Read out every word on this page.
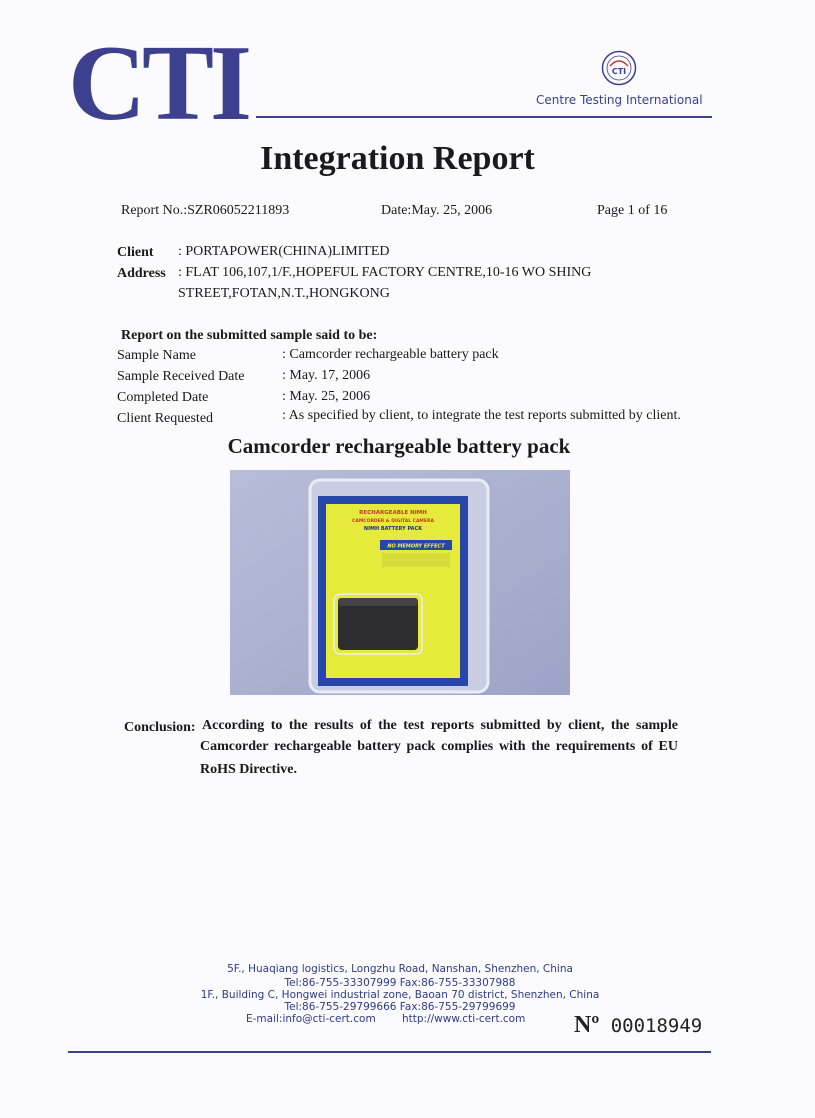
CTI	CTI
Centre Testing International
Integration Report
Report No.:SZR06052211893	Date:May. 25, 2006	Page 1 of 16
Client : PORTAPOWER(CHINA)LIMITED
Address : FLAT 106,107,1/F.,HOPEFUL FACTORY CENTRE,10-16 WO SHING
STREET,FOTAN,N.T.,HONGKONG
Report on the submitted sample said to be:
Sample Name	: Camcorder rechargeable battery pack
Sample Received Date	: May. 17, 2006
Completed Date	: May. 25, 2006
Client Requested	: As specified by client, to integrate the test reports submitted by client.
Camcorder rechargeable battery pack
RECHARGEABLE NIMH
CAMCORDER & DIGITAL CAMERA
NIMH BATTERY PACK
NO MEMORY EFFECT
Conclusion: According to the results of the test reports submitted by client, the sample
Camcorder rechargeable battery pack complies with the requirements of EU
RoHS Directive.
5F., Huaqiang logistics, Longzhu Road, Nanshan, Shenzhen, China
Tel:86-755-33307999 Fax:86-755-33307988
1F., Building C, Hongwei industrial zone, Baoan 70 district, Shenzhen, China
Tel:86-755-29799666 Fax:86-755-29799699
E-mail:info@cti-cert.com	http://www.cti-cert.com Nº 00018949
